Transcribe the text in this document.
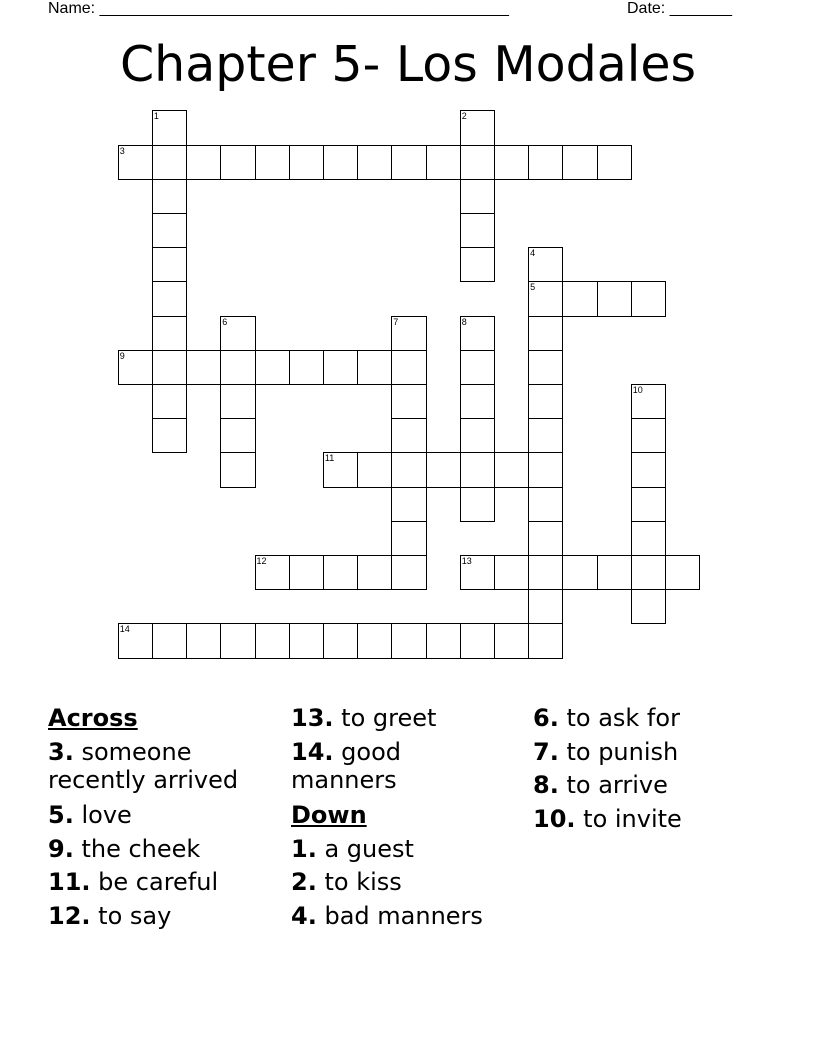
Name: ______________________________________________	Date: _______
Chapter 5- Los Modales
1	2
3
4
5
6	7	8
9
10
11
12	13
14
Across
3. someone recently arrived
5. love
9. the cheek
11. be careful
12. to say
13. to greet
14. good manners
Down
1. a guest
2. to kiss
4. bad manners
6. to ask for
7. to punish
8. to arrive
10. to invite
